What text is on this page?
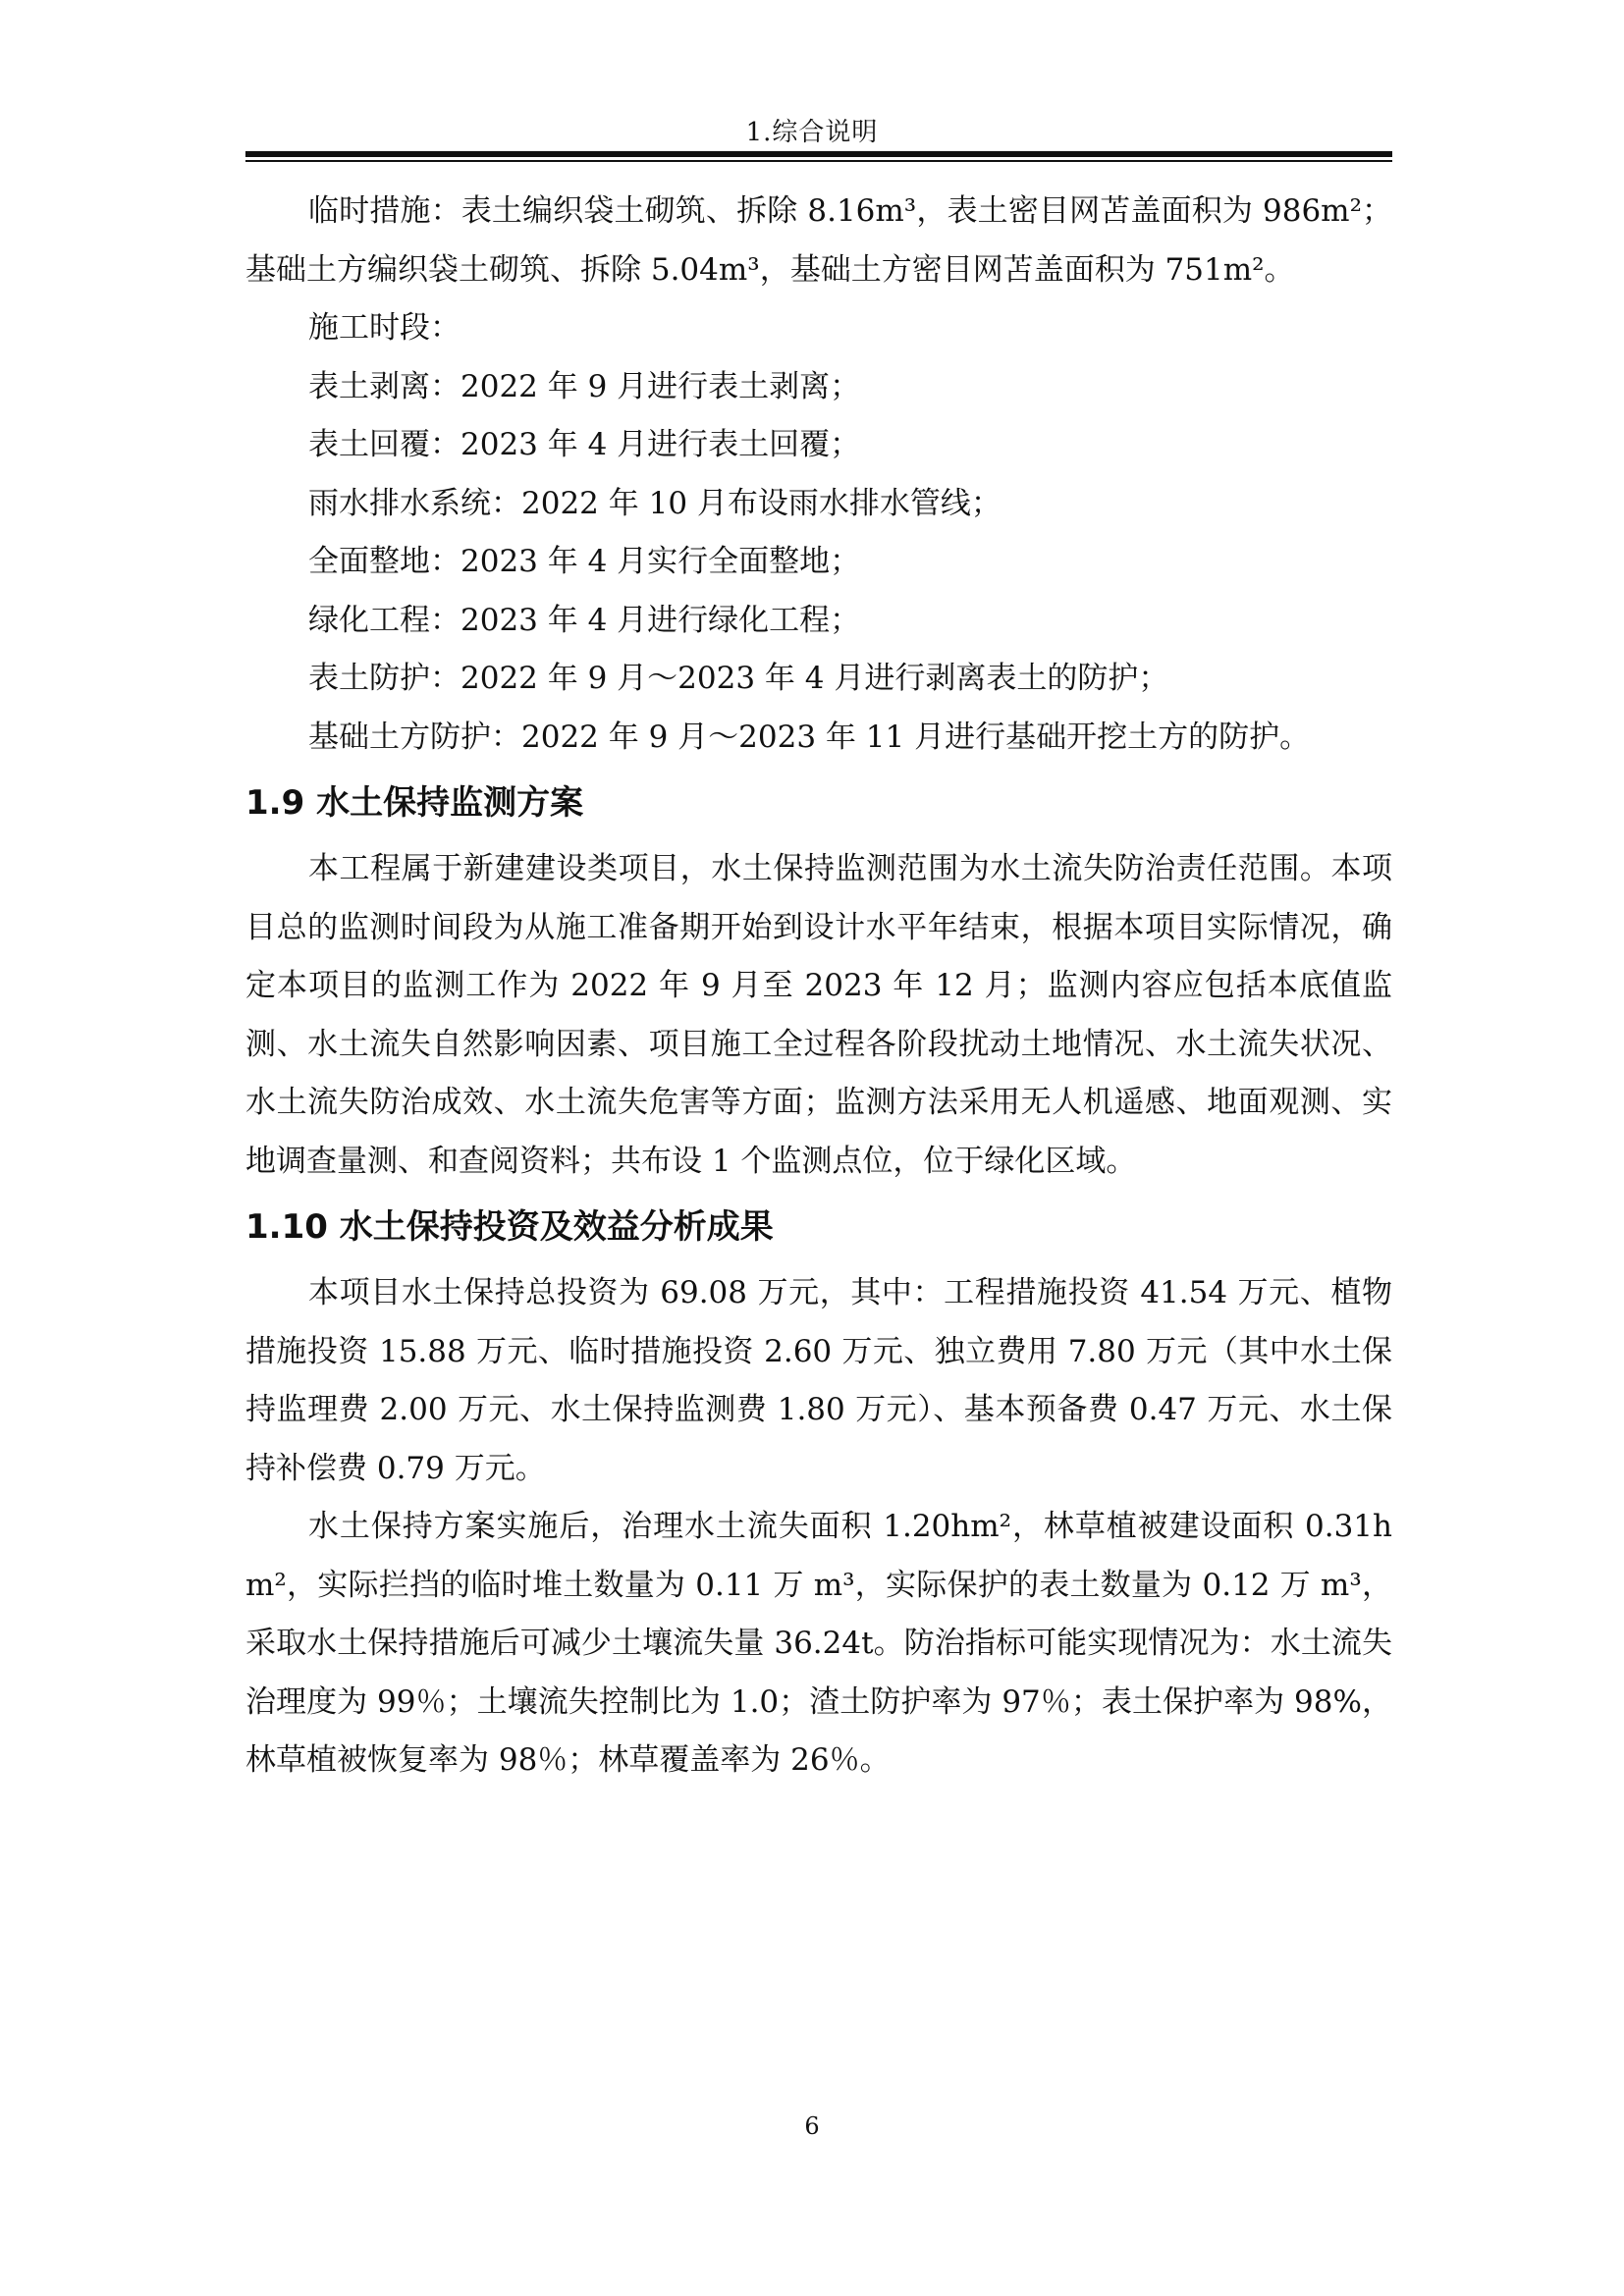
1.综合说明

临时措施：表土编织袋土砌筑、拆除 8.16m³，表土密目网苫盖面积为 986m²；基础土方编织袋土砌筑、拆除 5.04m³，基础土方密目网苫盖面积为 751m²。

施工时段：

表土剥离：2022 年 9 月进行表土剥离；

表土回覆：2023 年 4 月进行表土回覆；

雨水排水系统：2022 年 10 月布设雨水排水管线；

全面整地：2023 年 4 月实行全面整地；

绿化工程：2023 年 4 月进行绿化工程；

表土防护：2022 年 9 月～2023 年 4 月进行剥离表土的防护；

基础土方防护：2022 年 9 月～2023 年 11 月进行基础开挖土方的防护。

1.9 水土保持监测方案

本工程属于新建建设类项目，水土保持监测范围为水土流失防治责任范围。本项目总的监测时间段为从施工准备期开始到设计水平年结束，根据本项目实际情况，确定本项目的监测工作为 2022 年 9 月至 2023 年 12 月；监测内容应包括本底值监测、水土流失自然影响因素、项目施工全过程各阶段扰动土地情况、水土流失状况、水土流失防治成效、水土流失危害等方面；监测方法采用无人机遥感、地面观测、实地调查量测、和查阅资料；共布设 1 个监测点位，位于绿化区域。

1.10 水土保持投资及效益分析成果

本项目水土保持总投资为 69.08 万元，其中：工程措施投资 41.54 万元、植物措施投资 15.88 万元、临时措施投资 2.60 万元、独立费用 7.80 万元（其中水土保持监理费 2.00 万元、水土保持监测费 1.80 万元）、基本预备费 0.47 万元、水土保持补偿费 0.79 万元。

水土保持方案实施后，治理水土流失面积 1.20hm²，林草植被建设面积 0.31hm²，实际拦挡的临时堆土数量为 0.11 万 m³，实际保护的表土数量为 0.12 万 m³，采取水土保持措施后可减少土壤流失量 36.24t。防治指标可能实现情况为：水土流失治理度为 99％；土壤流失控制比为 1.0；渣土防护率为 97％；表土保护率为 98%，林草植被恢复率为 98％；林草覆盖率为 26％。

6
